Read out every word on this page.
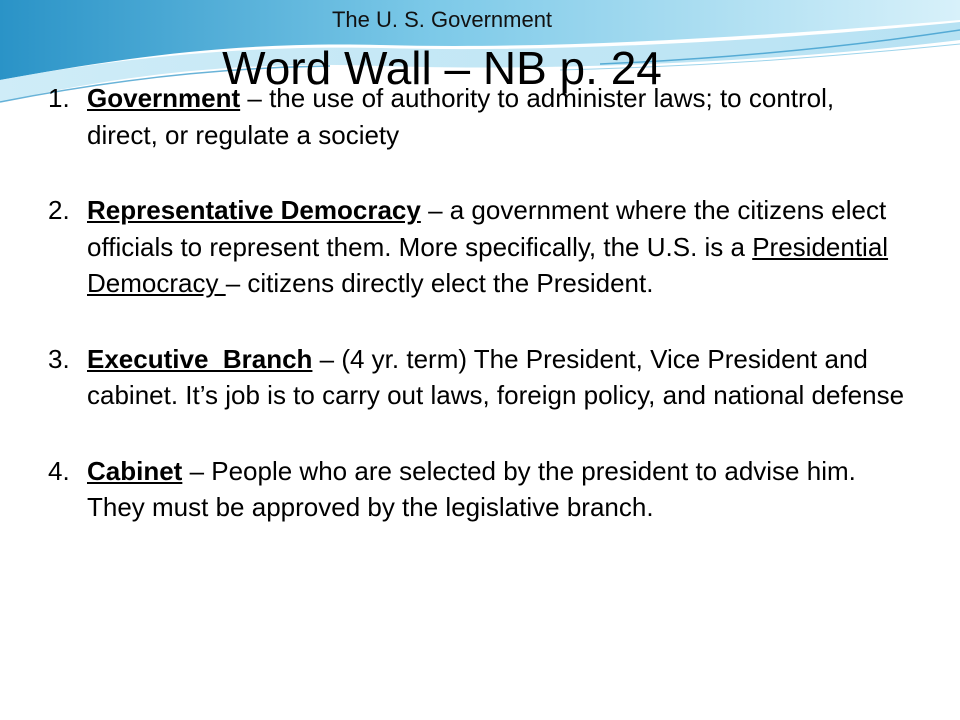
The U. S. Government
Word Wall – NB p. 24
1. Government – the use of authority to administer laws; to control, direct, or regulate a society
2. Representative Democracy – a government where the citizens elect officials to represent them. More specifically, the U.S. is a Presidential Democracy – citizens directly elect the President.
3. Executive  Branch – (4 yr. term) The President, Vice President and cabinet. It’s job is to carry out laws, foreign policy, and national defense
4. Cabinet – People who are selected by the president to advise him. They must be approved by the legislative branch.
